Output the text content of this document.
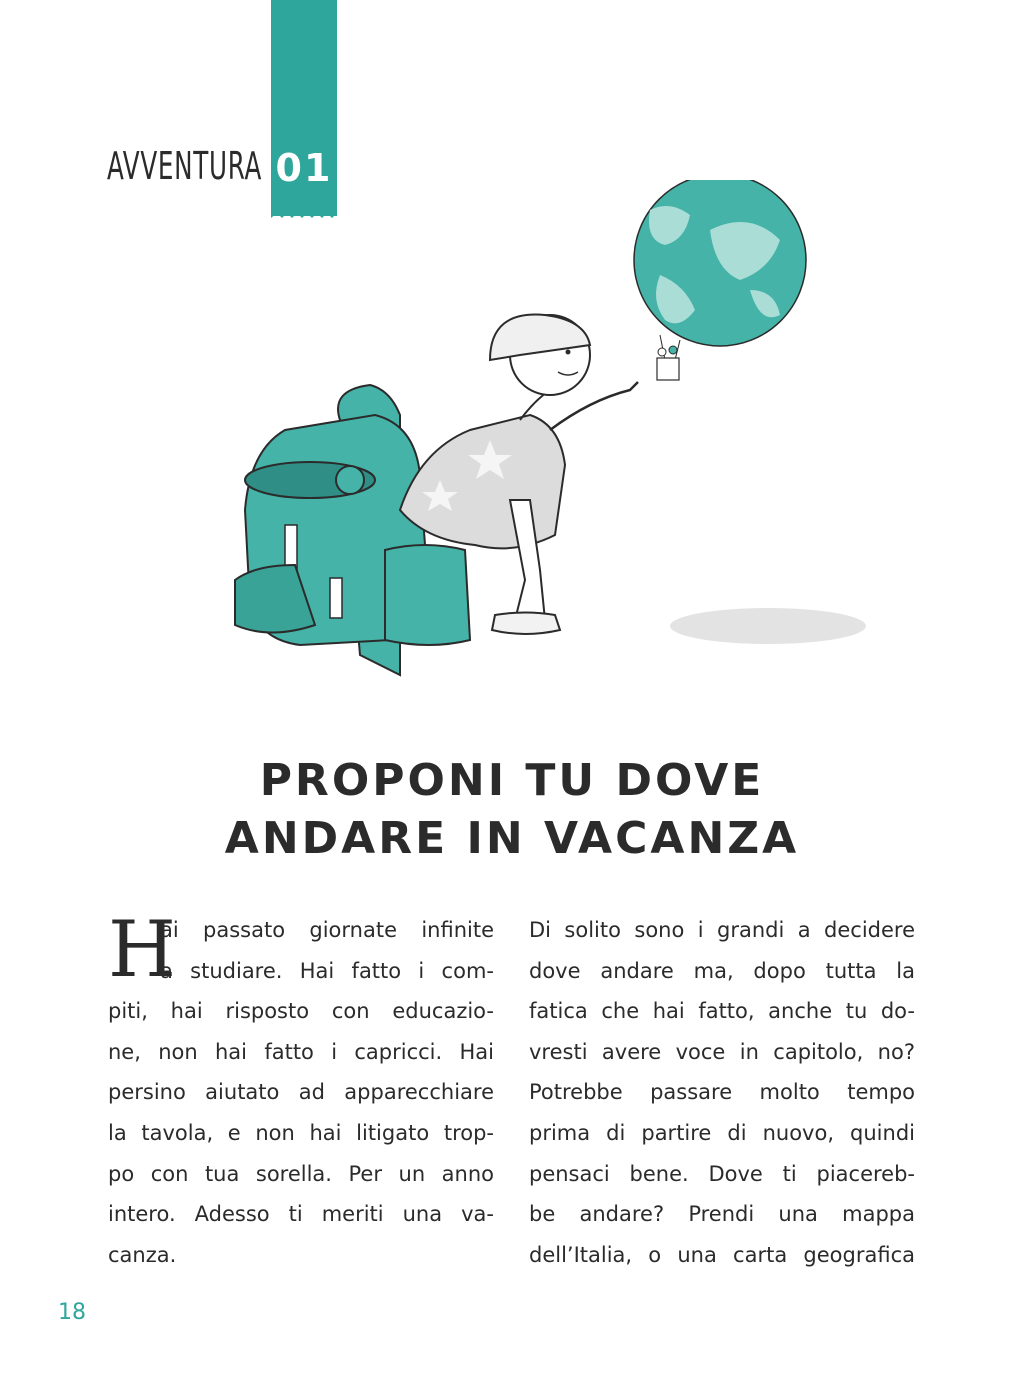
01
AVVENTURA
PROPONI TU DOVE
ANDARE IN VACANZA
H
ai passato giornate infinite
a studiare. Hai fatto i com-
piti, hai risposto con educazio-
ne, non hai fatto i capricci. Hai
persino aiutato ad apparecchiare
la tavola, e non hai litigato trop-
po con tua sorella. Per un anno
intero. Adesso ti meriti una va-
canza.
Di solito sono i grandi a decidere
dove andare ma, dopo tutta la
fatica che hai fatto, anche tu do-
vresti avere voce in capitolo, no?
Potrebbe passare molto tempo
prima di partire di nuovo, quindi
pensaci bene. Dove ti piacereb-
be andare? Prendi una mappa
dell’Italia, o una carta geografica
18
